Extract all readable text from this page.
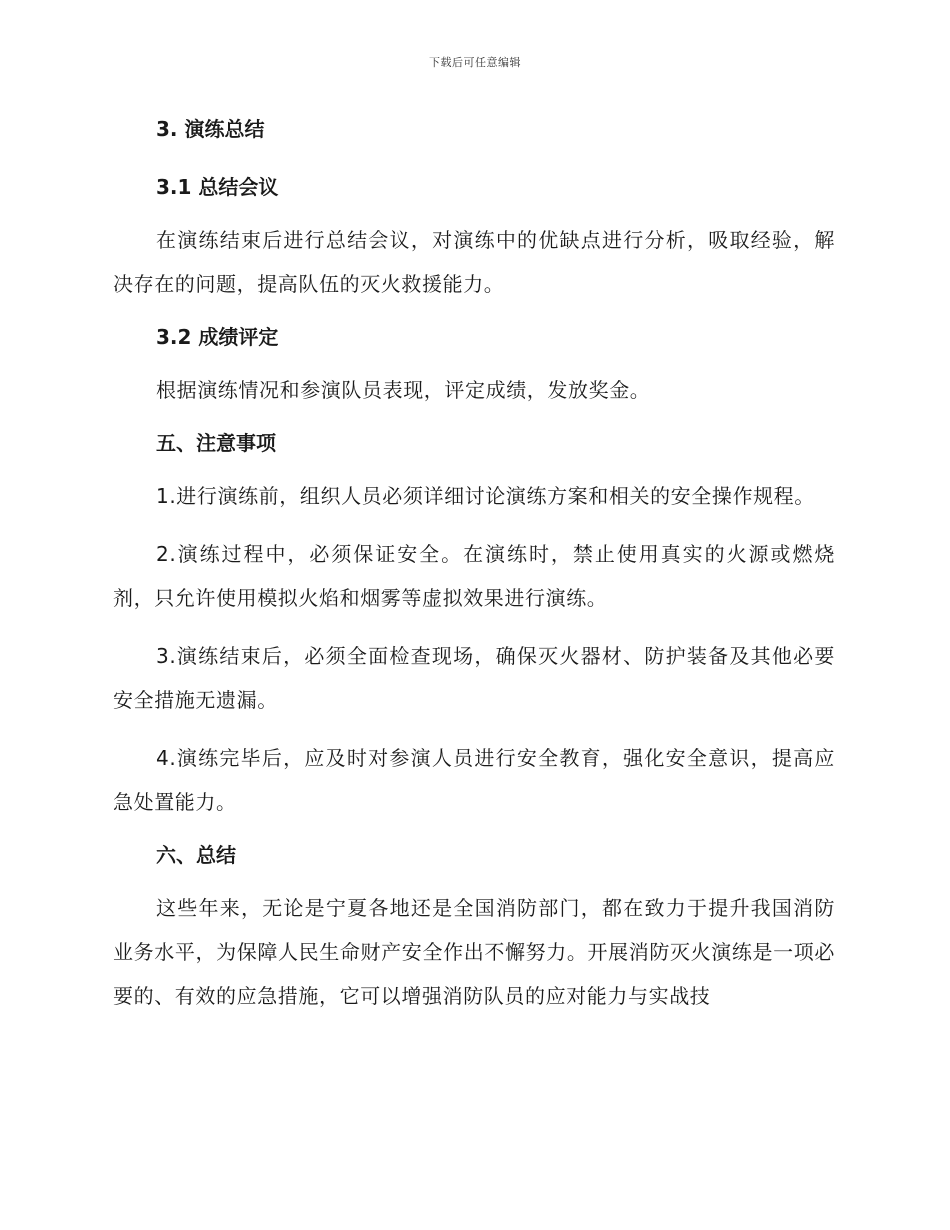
下载后可任意编辑
3. 演练总结
3.1 总结会议

在演练结束后进行总结会议，对演练中的优缺点进行分析，吸取经验，解决存在的问题，提高队伍的灭火救援能力。

3.2 成绩评定

根据演练情况和参演队员表现，评定成绩，发放奖金。

五、注意事项

1.进行演练前，组织人员必须详细讨论演练方案和相关的安全操作规程。

2.演练过程中，必须保证安全。在演练时，禁止使用真实的火源或燃烧剂，只允许使用模拟火焰和烟雾等虚拟效果进行演练。

3.演练结束后，必须全面检查现场，确保灭火器材、防护装备及其他必要安全措施无遗漏。

4.演练完毕后，应及时对参演人员进行安全教育，强化安全意识，提高应急处置能力。

六、总结

这些年来，无论是宁夏各地还是全国消防部门，都在致力于提升我国消防业务水平，为保障人民生命财产安全作出不懈努力。开展消防灭火演练是一项必要的、有效的应急措施，它可以增强消防队员的应对能力与实战技
